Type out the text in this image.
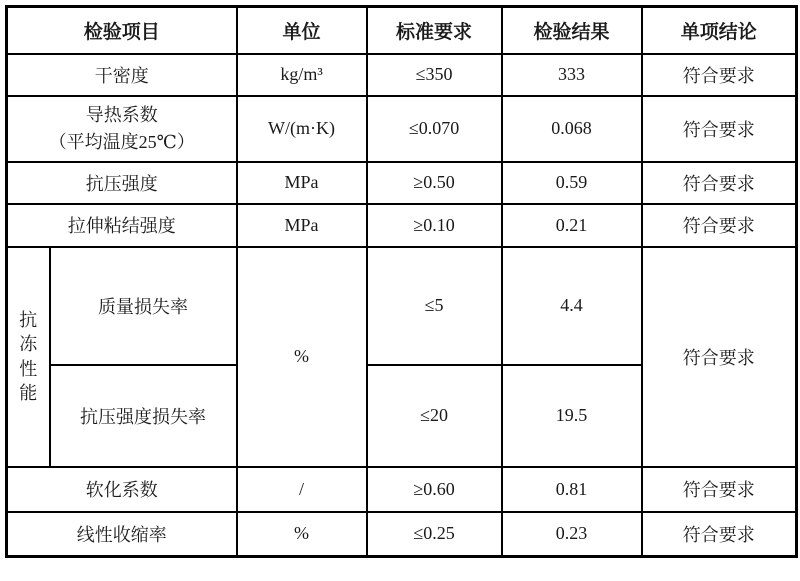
检验项目		单位	标准要求	检验结果	单项结论
干密度		kg/m³	≤350	333	符合要求

导热系数
（平均温度25℃）		W/(m·K)	≤0.070	0.068	符合要求
抗压强度		MPa	≥0.50	0.59	符合要求
拉伸粘结强度		MPa	≥0.10	0.21	符合要求

抗冻性能	质量损失率	%	≤5	4.4	符合要求
	抗压强度损失率		≤20	19.5	
软化系数		/	≥0.60	0.81	符合要求
线性收缩率		%	≤0.25	0.23	符合要求
